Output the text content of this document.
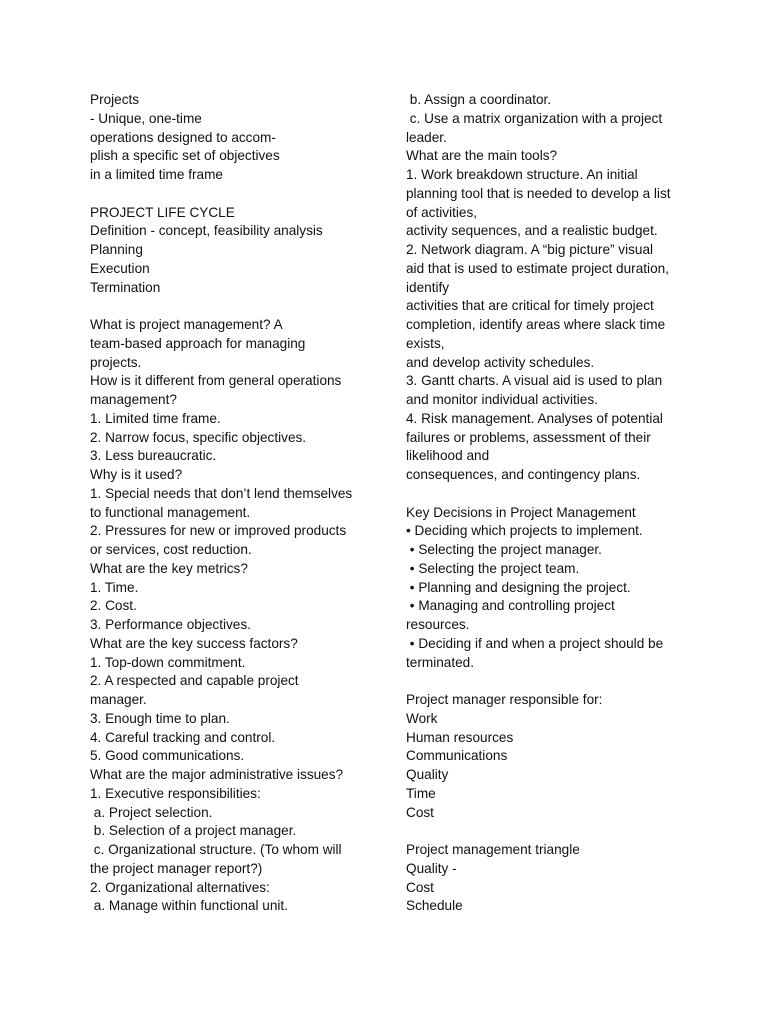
Projects
- Unique, one-time
operations designed to accom-
plish a specific set of objectives
in a limited time frame
PROJECT LIFE CYCLE
Definition - concept, feasibility analysis
Planning
Execution
Termination
What is project management? A
team-based approach for managing
projects.
How is it different from general operations
management?
1. Limited time frame.
2. Narrow focus, specific objectives.
3. Less bureaucratic.
Why is it used?
1. Special needs that don’t lend themselves
to functional management.
2. Pressures for new or improved products
or services, cost reduction.
What are the key metrics?
1. Time.
2. Cost.
3. Performance objectives.
What are the key success factors?
1. Top-down commitment.
2. A respected and capable project
manager.
3. Enough time to plan.
4. Careful tracking and control.
5. Good communications.
What are the major administrative issues?
1. Executive responsibilities:
a. Project selection.
b. Selection of a project manager.
c. Organizational structure. (To whom will
the project manager report?)
2. Organizational alternatives:
a. Manage within functional unit.
b. Assign a coordinator.
c. Use a matrix organization with a project
leader.
What are the main tools?
1. Work breakdown structure. An initial
planning tool that is needed to develop a list
of activities,
activity sequences, and a realistic budget.
2. Network diagram. A “big picture” visual
aid that is used to estimate project duration,
identify
activities that are critical for timely project
completion, identify areas where slack time
exists,
and develop activity schedules.
3. Gantt charts. A visual aid is used to plan
and monitor individual activities.
4. Risk management. Analyses of potential
failures or problems, assessment of their
likelihood and
consequences, and contingency plans.
Key Decisions in Project Management
• Deciding which projects to implement.
• Selecting the project manager.
• Selecting the project team.
• Planning and designing the project.
• Managing and controlling project
resources.
• Deciding if and when a project should be
terminated.
Project manager responsible for:
Work
Human resources
Communications
Quality
Time
Cost
Project management triangle
Quality -
Cost
Schedule
